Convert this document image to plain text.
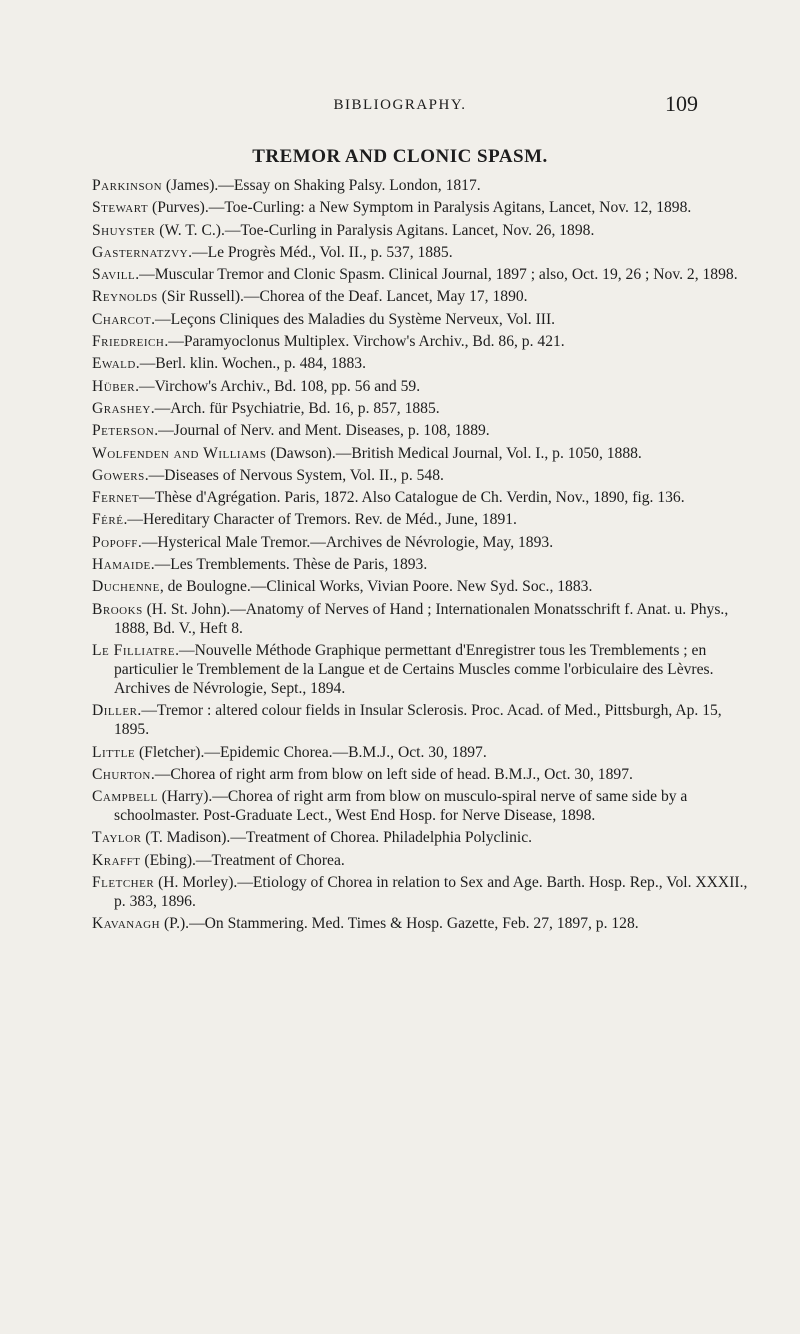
BIBLIOGRAPHY.	109
TREMOR AND CLONIC SPASM.

Parkinson (James).—Essay on Shaking Palsy. London, 1817.

Stewart (Purves).—Toe-Curling: a New Symptom in Paralysis Agitans, Lancet, Nov. 12, 1898.

Shuyster (W. T. C.).—Toe-Curling in Paralysis Agitans. Lancet, Nov. 26, 1898.

Gasternatzvy.—Le Progrès Méd., Vol. II., p. 537, 1885.

Savill.—Muscular Tremor and Clonic Spasm. Clinical Journal, 1897 ; also, Oct. 19, 26 ; Nov. 2, 1898.

Reynolds (Sir Russell).—Chorea of the Deaf. Lancet, May 17, 1890.

Charcot.—Leçons Cliniques des Maladies du Système Nerveux, Vol. III.

Friedreich.—Paramyoclonus Multiplex. Virchow's Archiv., Bd. 86, p. 421.

Ewald.—Berl. klin. Wochen., p. 484, 1883.

Hüber.—Virchow's Archiv., Bd. 108, pp. 56 and 59.

Grashey.—Arch. für Psychiatrie, Bd. 16, p. 857, 1885.

Peterson.—Journal of Nerv. and Ment. Diseases, p. 108, 1889.

Wolfenden and Williams (Dawson).—British Medical Journal, Vol. I., p. 1050, 1888.

Gowers.—Diseases of Nervous System, Vol. II., p. 548.

Fernet—Thèse d'Agrégation. Paris, 1872. Also Catalogue de Ch. Verdin, Nov., 1890, fig. 136.

Féré.—Hereditary Character of Tremors. Rev. de Méd., June, 1891.

Popoff.—Hysterical Male Tremor.—Archives de Névrologie, May, 1893.

Hamaide.—Les Tremblements. Thèse de Paris, 1893.

Duchenne, de Boulogne.—Clinical Works, Vivian Poore. New Syd. Soc., 1883.

Brooks (H. St. John).—Anatomy of Nerves of Hand ; Internationalen Monatsschrift f. Anat. u. Phys., 1888, Bd. V., Heft 8.

Le Filliatre.—Nouvelle Méthode Graphique permettant d'Enregistrer tous les Tremblements ; en particulier le Tremblement de la Langue et de Certains Muscles comme l'orbiculaire des Lèvres. Archives de Névrologie, Sept., 1894.

Diller.—Tremor : altered colour fields in Insular Sclerosis. Proc. Acad. of Med., Pittsburgh, Ap. 15, 1895.

Little (Fletcher).—Epidemic Chorea.—B.M.J., Oct. 30, 1897.

Churton.—Chorea of right arm from blow on left side of head. B.M.J., Oct. 30, 1897.

Campbell (Harry).—Chorea of right arm from blow on musculo-spiral nerve of same side by a schoolmaster. Post-Graduate Lect., West End Hosp. for Nerve Disease, 1898.

Taylor (T. Madison).—Treatment of Chorea. Philadelphia Polyclinic.

Krafft (Ebing).—Treatment of Chorea.

Fletcher (H. Morley).—Etiology of Chorea in relation to Sex and Age. Barth. Hosp. Rep., Vol. XXXII., p. 383, 1896.

Kavanagh (P.).—On Stammering. Med. Times & Hosp. Gazette, Feb. 27, 1897, p. 128.
